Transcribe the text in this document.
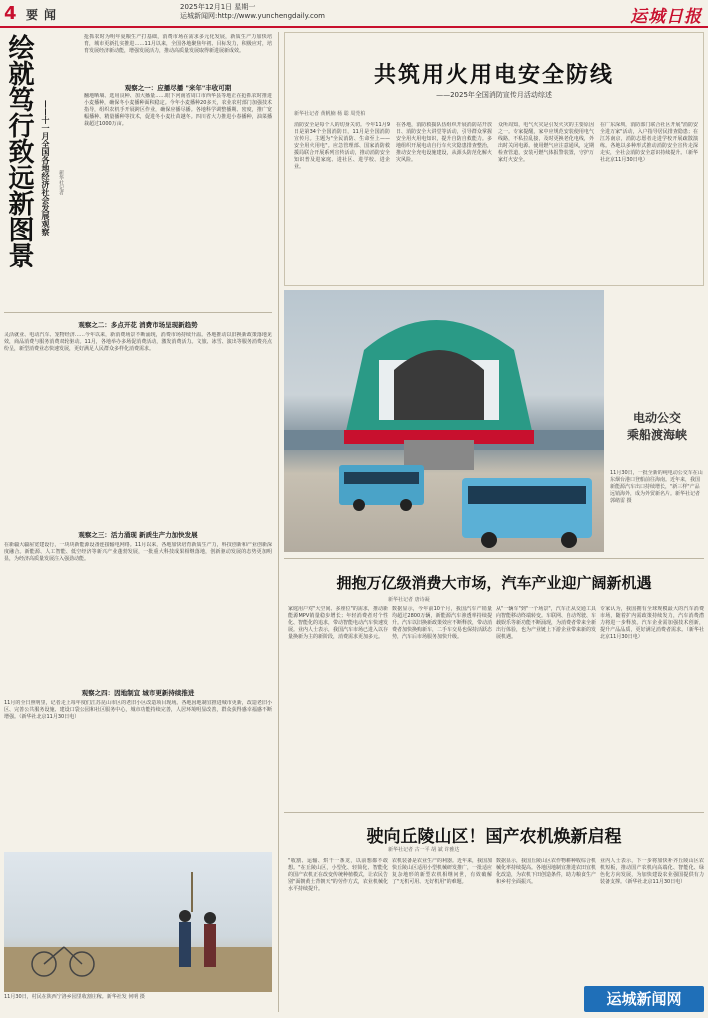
4 要闻
2025年12月1日 星期一
运城新闻网:http://www.yunchengdaily.com	运城日报
绘就笃行致远新图景 ——十一月全国各地经济社会发展观察 新华社记者
抢抓农时为明年夏粮生产打基础，消费市场在需求多元化发展，新质生产力加快培育，城市更新扎实推进……11月以来，全国各地聚焦年初、目标发力，积极应对，培育发展经济新动能，增强发展活力，推动高质量发展取得新进展新成效。
观察之一：应播尽播 "来年"丰收可期
翻地晒墒、选用良种、加大播量……眼下河南省周口市西华县等地正在抢抓农时推进小麦播种，确保冬小麦播种面积稳定。今年小麦播种20多天，农业农村部门加强技术指导，组织农机手开展跨区作业，确保应播尽播。各地科学调整播期、密度，推广宽幅播种、精量播种等技术，促进冬小麦壮苗越冬。四川省大力推进小春播种，油菜播栽超过1000万亩。
观察之二：多点开花 消费市场呈现新趋势
灵活就业、电动汽车、宠物经济……今年以来，新消费场景不断涌现，消费市场持续升温。各地推动以旧换新政策落地见效，商品消费与服务消费双轮驱动。11月，各地举办多场促消费活动，激发消费活力。文旅、冰雪、演出等服务消费亮点纷呈，新型消费业态快速发展，更好满足人民群众多样化消费需求。
观察之三：活力涌现 新质生产力加快发展
在新疆大疆屋宽建设行，一块块新能源设备连接输电网络。11月以来，各地加快培育新质生产力，科技创新和产业创新深度融合。新能源、人工智能、低空经济等新兴产业蓬勃发展，一批重大科技成果相继落地，创新驱动发展的态势更加明显，为经济高质量发展注入强劲动能。
观察之四：因地制宜 城市更新持续推进
11月的全日照明里，记者走上每年度们江苏昆山市区的老旧小区改造项目现场。各地因地制宜推进城市更新，改造老旧小区、完善公共服务设施、建设口袋公园和社区服务中心，城市功能持续完善，人居环境明显改善，群众获得感幸福感不断增强。（新华社北京11月30日电）
11月30日，村民在陕西宁洛乡园里收割庄稼。新华社发 何明 摄
共筑用火用电安全防线
——2025年全国消防宣传月活动综述
新华社记者 黄帆楠 杨 聪 周莞柏
消防安全是每个人的切身关切。今年11月9日是第34个全国消防日，11月是全国消防宣传月。主题为"全民消防、生命至上——安全用火用电"。应急管理部、国家消防救援局联合开展系列宣传活动，推动消防安全知识普及进家庭、进社区、进学校、进企业。
在各地，消防救援队伍组织开展消防站开放日、消防安全大讲堂等活动，引导群众掌握安全用火用电知识，提升自防自救能力。多地组织开展电动自行车火灾隐患排查整治，推动安全充电设施建设，从源头防范化解火灾风险。
众所周知，电气火灾是引发火灾的主要原因之一。专家提醒，家中应规范安装使用电气线路，不私拉乱接，及时更换老化电线，外出时关闭电源。使用燃气应注意通风，定期检查管道，安装可燃气体报警装置，守护万家灯火安全。
在广东深圳，消防部门联合社区开展"消防安全进万家"活动，入户指导居民排查隐患；在江苏南京，消防志愿者走进学校开展疏散演练。各地以多种形式推动消防安全宣传走深走实，全社会消防安全意识持续提升。（新华社北京11月30日电）
电动公交
乘船渡海峡
11月30日，一批全新的纯电动公交车在山东烟台港口登船前往海南。近年来，我国新能源汽车出口持续增长，"新三样"产品远销海外，成为外贸新名片。新华社记者 郭绪雷 摄
拥抱万亿级消费大市场，汽车产业迎广阔新机遇
新华社记者 唐诗凝
家庭用户对"大空间、多座位"的需求，推动新能源MPV销量稳步增长；年轻消费者对个性化、智能化的追求，带动智能电动汽车快速发展。业内人士表示，我国汽车市场已进入以存量换新为主的新阶段，消费需求更加多元。
数据显示，今年前10个月，我国汽车产销量均超过2800万辆，新能源汽车渗透率持续提升。汽车以旧换新政策效应不断释放，带动消费者加快换购新车，二手车交易也保持活跃态势，汽车后市场服务加快升级。
从"一辆车"到"一个场景"，汽车正从交通工具向智能移动终端转变。车联网、自动驾驶、车载娱乐等新功能不断涌现，为消费者带来全新出行体验，也为产业链上下游企业带来新的发展机遇。
专家认为，我国拥有全球规模最大的汽车消费市场，随着扩内需政策持续发力，汽车消费潜力将进一步释放。汽车企业需加强技术创新，提升产品品质，更好满足消费者需求。（新华社北京11月30日电）
驶向丘陵山区！国产农机焕新启程
新华社记者 古一平 胡 斌 许雅达
"收割、运输、烘干一条龙，以前想都不敢想。"在丘陵山区，小型化、轻简化、智能化的国产农机正在改变传统种植模式，让农民告别"面朝黄土背朝天"的劳作方式，农业机械化水平持续提升。
农机装备是农业生产的利器。近年来，我国加快丘陵山区适用小型机械研发推广，一批适应复杂地形的新型农机相继问世，有效破解了"无机可用、无好机用"的难题。
数据显示，我国丘陵山区农作物耕种收综合机械化率持续提高。各地因地制宜推进农田宜机化改造，为农机下田创造条件，助力粮食生产和乡村全面振兴。
业内人士表示，下一步将加快补齐丘陵山区农机短板，推动国产农机向高端化、智能化、绿色化方向发展，为加快建设农业强国提供有力装备支撑。（新华社北京11月30日电）
运城新闻网
